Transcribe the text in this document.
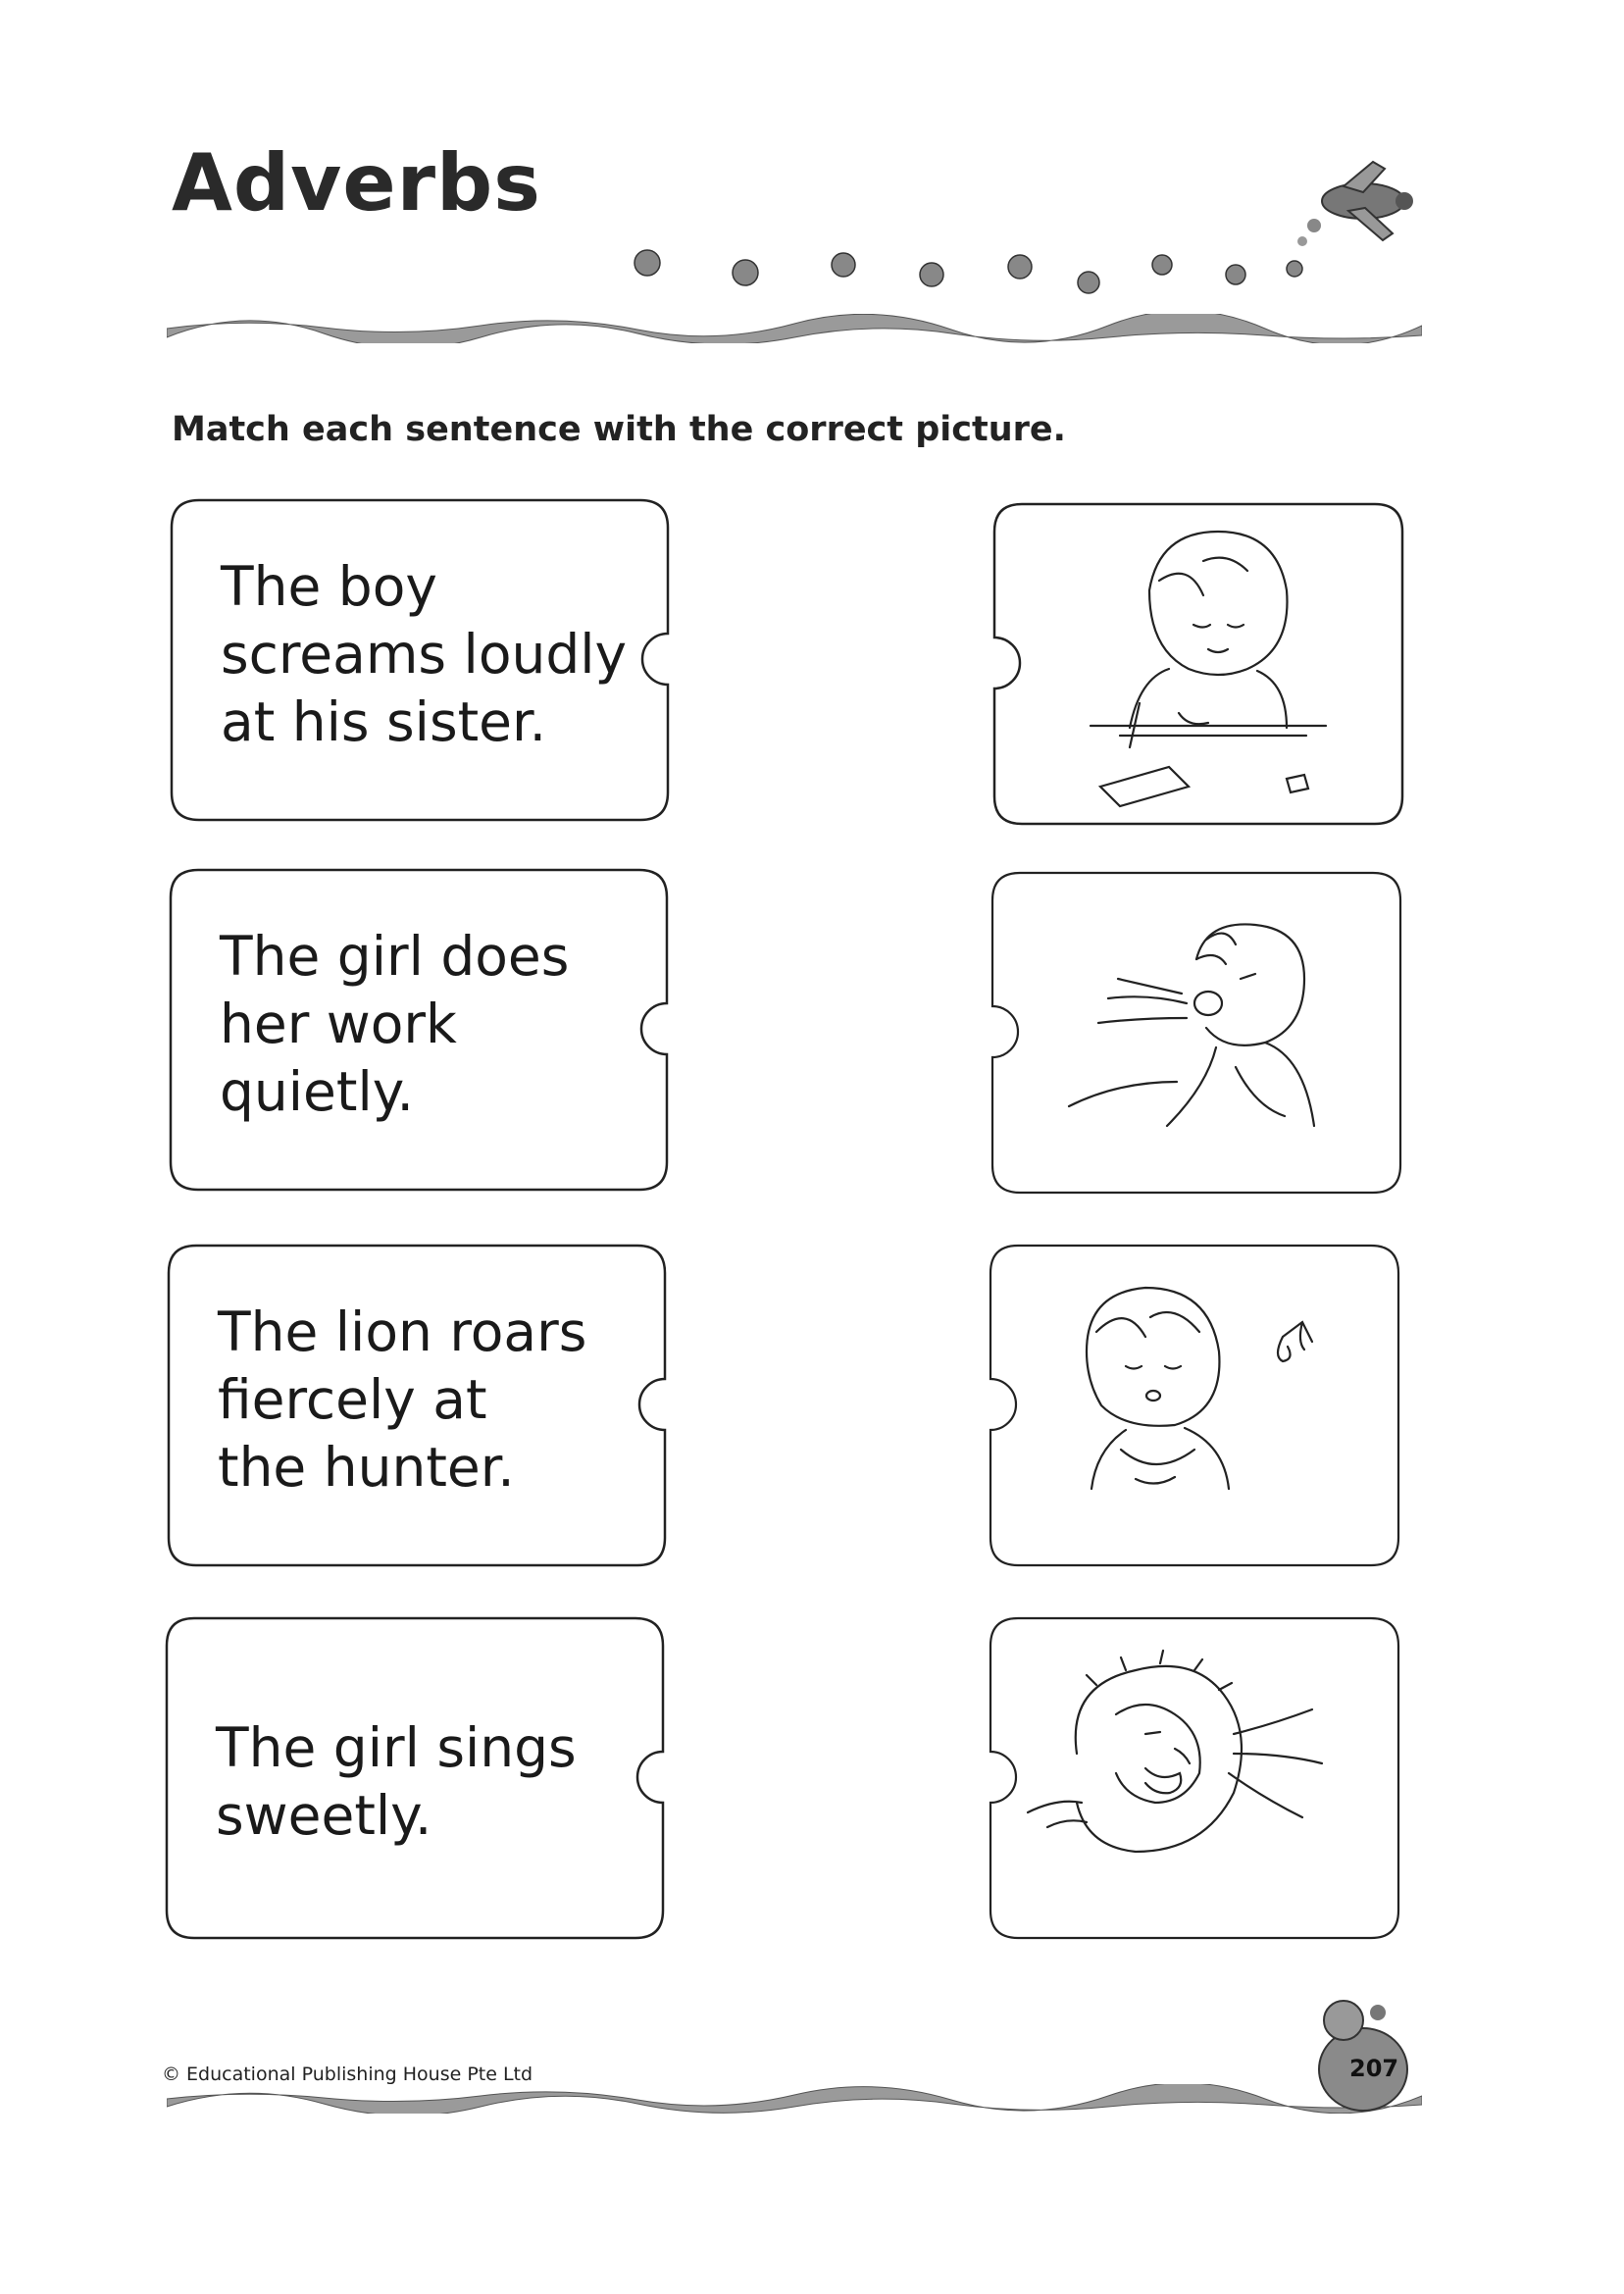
Adverbs

Match each sentence with the correct picture.

The boy
screams loudly
at his sister.

The girl does
her work
quietly.

The lion roars
fiercely at
the hunter.

The girl sings
sweetly.

© Educational Publishing House Pte Ltd	207
